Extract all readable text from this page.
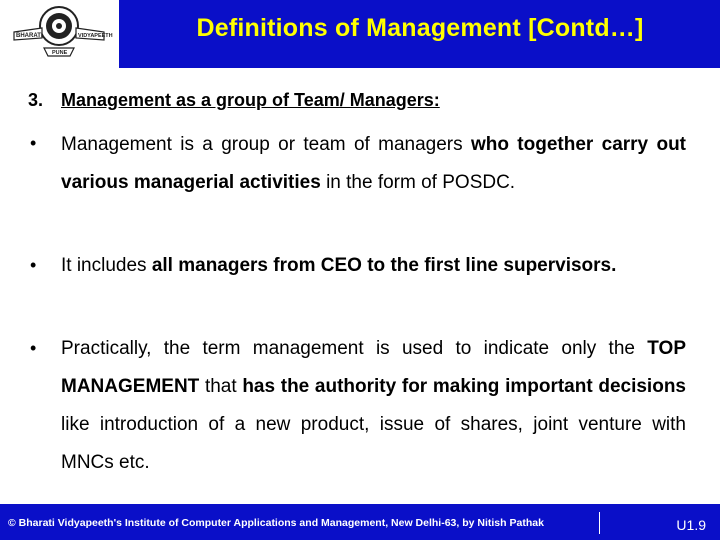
BHARATI	VIDYAPEETH
PUNE
Definitions of Management [Contd…]
3. Management as a group of Team/ Managers:
• Management is a group or team of managers who together carry out various managerial activities in the form of POSDC.
• It includes all managers from CEO to the first line supervisors.
• Practically, the term management is used to indicate only the TOP MANAGEMENT that has the authority for making important decisions like introduction of a new product, issue of shares, joint venture with MNCs etc.
© Bharati Vidyapeeth's Institute of Computer Applications and Management, New Delhi-63, by Nitish Pathak	U1.9
